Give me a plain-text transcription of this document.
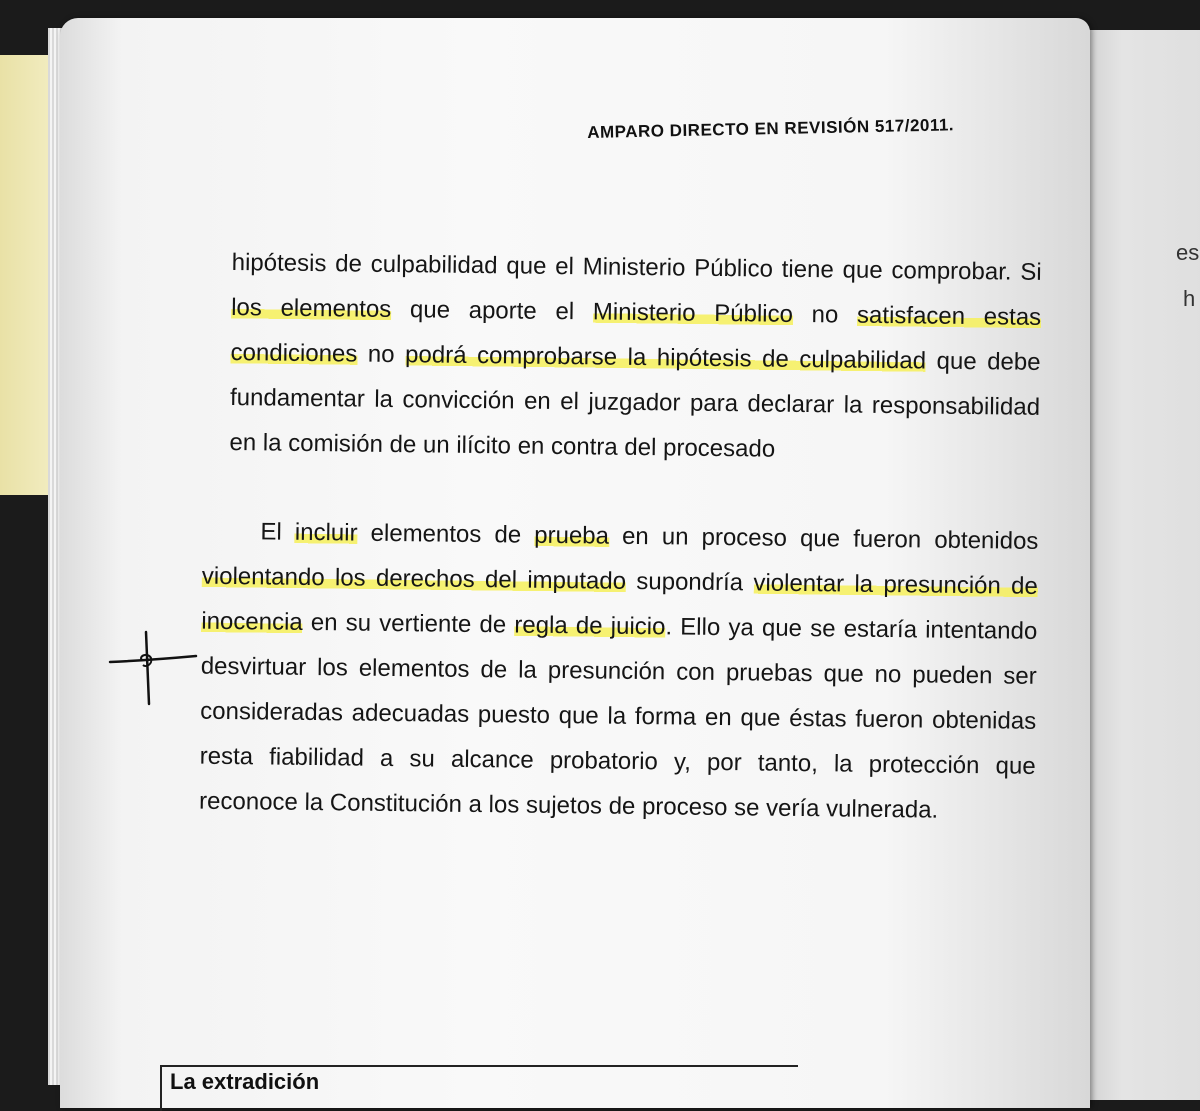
es
h
AMPARO DIRECTO EN REVISIÓN 517/2011.

hipótesis de culpabilidad que el Ministerio Público tiene que comprobar. Si los elementos que aporte el Ministerio Público no satisfacen estas condiciones no podrá comprobarse la hipótesis de culpabilidad que debe fundamentar la convicción en el juzgador para declarar la responsabilidad en la comisión de un ilícito en contra del procesado

El incluir elementos de prueba en un proceso que fueron obtenidos violentando los derechos del imputado supondría violentar la presunción de inocencia en su vertiente de regla de juicio. Ello ya que se estaría intentando desvirtuar los elementos de la presunción con pruebas que no pueden ser consideradas adecuadas puesto que la forma en que éstas fueron obtenidas resta fiabilidad a su alcance probatorio y, por tanto, la protección que reconoce la Constitución a los sujetos de proceso se vería vulnerada.

La extradición
